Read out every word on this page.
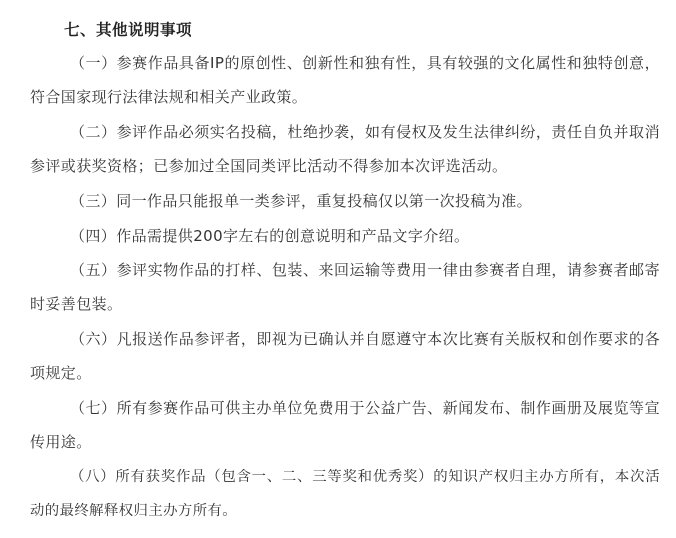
七、其他说明事项

（一）参赛作品具备IP的原创性、创新性和独有性，具有较强的文化属性和独特创意，符合国家现行法律法规和相关产业政策。

（二）参评作品必须实名投稿，杜绝抄袭，如有侵权及发生法律纠纷，责任自负并取消参评或获奖资格；已参加过全国同类评比活动不得参加本次评选活动。

（三）同一作品只能报单一类参评，重复投稿仅以第一次投稿为准。

（四）作品需提供200字左右的创意说明和产品文字介绍。

（五）参评实物作品的打样、包装、来回运输等费用一律由参赛者自理，请参赛者邮寄时妥善包装。

（六）凡报送作品参评者，即视为已确认并自愿遵守本次比赛有关版权和创作要求的各项规定。

（七）所有参赛作品可供主办单位免费用于公益广告、新闻发布、制作画册及展览等宣传用途。

（八）所有获奖作品（包含一、二、三等奖和优秀奖）的知识产权归主办方所有，本次活动的最终解释权归主办方所有。
